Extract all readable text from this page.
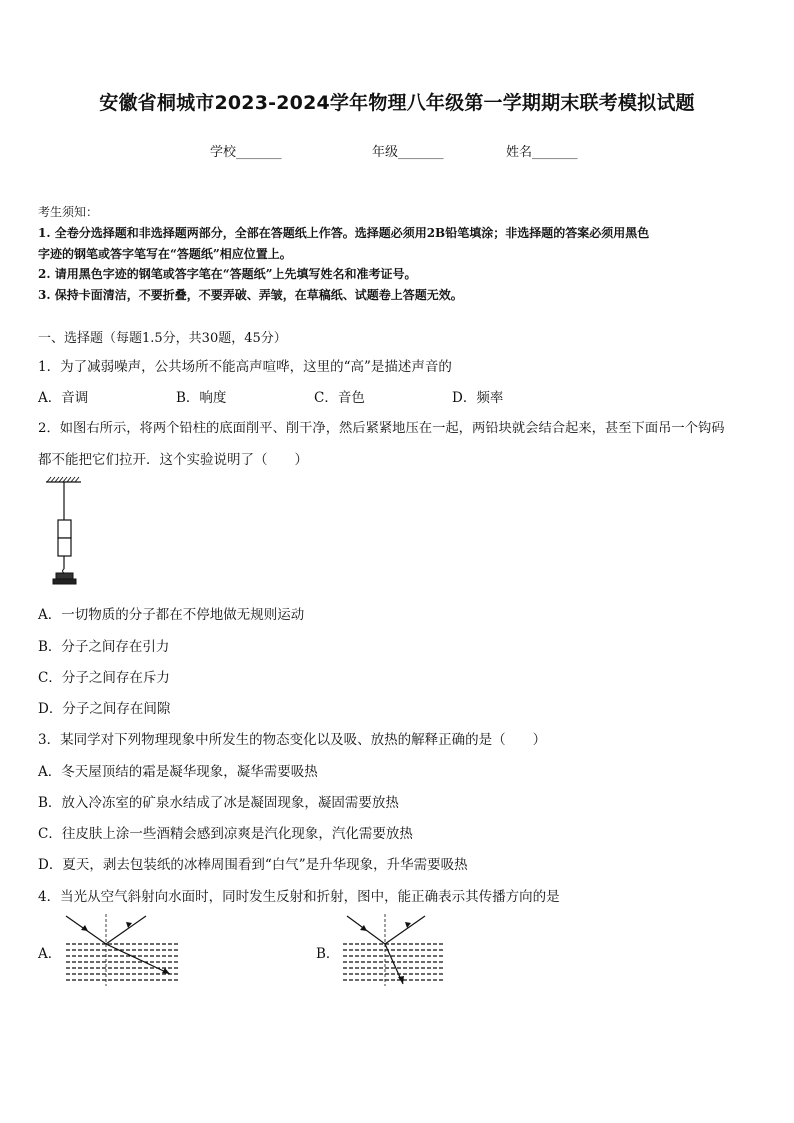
安徽省桐城市2023-2024学年物理八年级第一学期期末联考模拟试题
学校_______	年级_______	姓名_______
考生须知：
1. 全卷分选择题和非选择题两部分，全部在答题纸上作答。选择题必须用2B铅笔填涂；非选择题的答案必须用黑色
字迹的钢笔或答字笔写在“答题纸”相应位置上。
2. 请用黑色字迹的钢笔或答字笔在“答题纸”上先填写姓名和准考证号。
3. 保持卡面清洁，不要折叠，不要弄破、弄皱，在草稿纸、试题卷上答题无效。
一、选择题（每题1.5分，共30题，45分）
1．为了减弱噪声，公共场所不能高声喧哗，这里的“高”是描述声音的
A．音调	B．响度	C．音色	D．频率
2．如图右所示，将两个铅柱的底面削平、削干净，然后紧紧地压在一起，两铅块就会结合起来，甚至下面吊一个钩码
都不能把它们拉开．这个实验说明了（　　）
A．一切物质的分子都在不停地做无规则运动
B．分子之间存在引力
C．分子之间存在斥力
D．分子之间存在间隙
3．某同学对下列物理现象中所发生的物态变化以及吸、放热的解释正确的是（　　）
A．冬天屋顶结的霜是凝华现象，凝华需要吸热
B．放入冷冻室的矿泉水结成了冰是凝固现象，凝固需要放热
C．往皮肤上涂一些酒精会感到凉爽是汽化现象，汽化需要放热
D．夏天，剥去包装纸的冰棒周围看到“白气”是升华现象，升华需要吸热
4．当光从空气斜射向水面时，同时发生反射和折射，图中，能正确表示其传播方向的是
A．	B．
